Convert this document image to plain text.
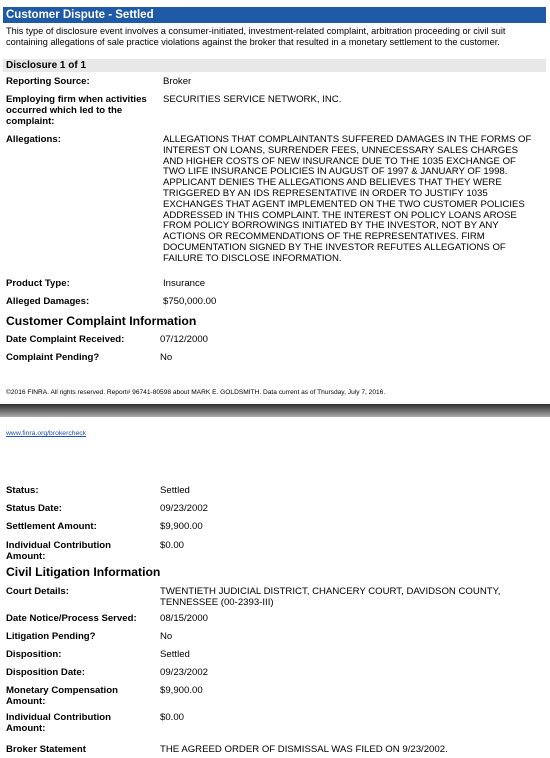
Customer Dispute - Settled
This type of disclosure event involves a consumer-initiated, investment-related complaint, arbitration proceeding or civil suit containing allegations of sale practice violations against the broker that resulted in a monetary settlement to the customer.
Disclosure 1 of 1
Reporting Source:	Broker
Employing firm when activities occurred which led to the complaint:
SECURITIES SERVICE NETWORK, INC.
Allegations:	ALLEGATIONS THAT COMPLAINTANTS SUFFERED DAMAGES IN THE FORMS OF INTEREST ON LOANS, SURRENDER FEES, UNNECESSARY SALES CHARGES AND HIGHER COSTS OF NEW INSURANCE DUE TO THE 1035 EXCHANGE OF TWO LIFE INSURANCE POLICIES IN AUGUST OF 1997 & JANUARY OF 1998. APPLICANT DENIES THE ALLEGATIONS AND BELIEVES THAT THEY WERE TRIGGERED BY AN IDS REPRESENTATIVE IN ORDER TO JUSTIFY 1035 EXCHANGES THAT AGENT IMPLEMENTED ON THE TWO CUSTOMER POLICIES ADDRESSED IN THIS COMPLAINT. THE INTEREST ON POLICY LOANS AROSE FROM POLICY BORROWINGS INITIATED BY THE INVESTOR, NOT BY ANY ACTIONS OR RECOMMENDATIONS OF THE REPRESENTATIVES. FIRM DOCUMENTATION SIGNED BY THE INVESTOR REFUTES ALLEGATIONS OF FAILURE TO DISCLOSE INFORMATION.
Product Type:	Insurance
Alleged Damages:	$750,000.00
Customer Complaint Information
Date Complaint Received:	07/12/2000
Complaint Pending?	No
©2016 FINRA. All rights reserved. Report# 96741-80598 about MARK E. GOLDSMITH. Data current as of Thursday, July 7, 2016.
www.finra.org/brokercheck
Status:	Settled
Status Date:	09/23/2002
Settlement Amount:	$9,900.00
Individual Contribution Amount:
$0.00
Civil Litigation Information
Court Details:	TWENTIETH JUDICIAL DISTRICT, CHANCERY COURT, DAVIDSON COUNTY, TENNESSEE (00-2393-III)
Date Notice/Process Served:	08/15/2000
Litigation Pending?	No
Disposition:	Settled
Disposition Date:	09/23/2002
Monetary Compensation Amount:
$9,900.00
Individual Contribution Amount:
$0.00
Broker Statement	THE AGREED ORDER OF DISMISSAL WAS FILED ON 9/23/2002.
